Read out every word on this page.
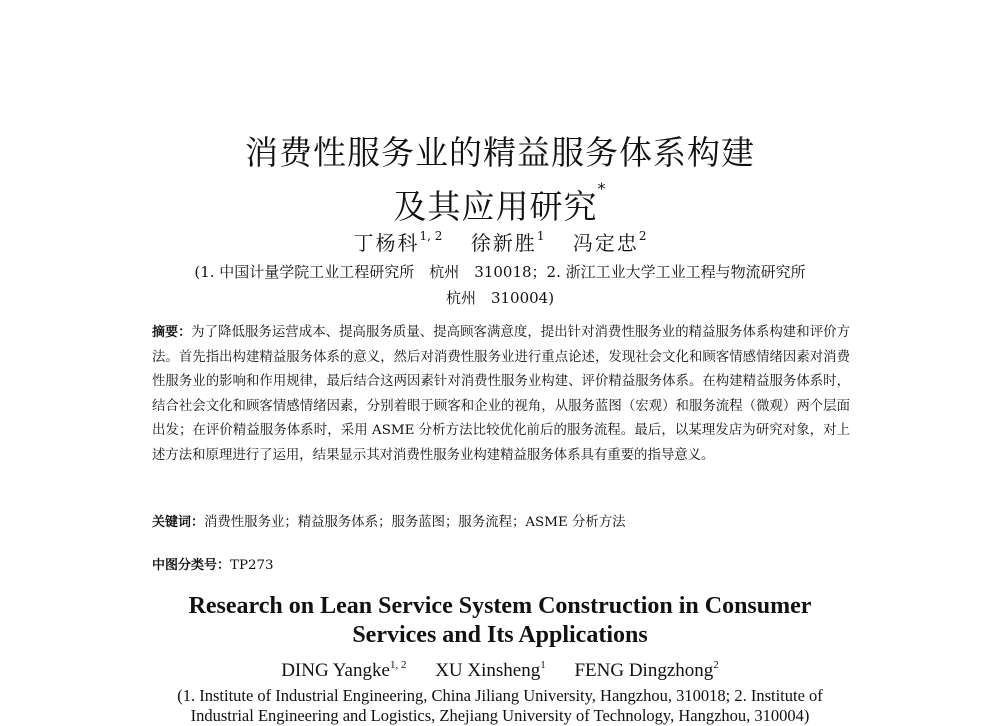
消费性服务业的精益服务体系构建
及其应用研究*
丁杨科$^{1, 2}$ 徐新胜$^1$ 冯定忠$^2$
(1. 中国计量学院工业工程研究所　杭州　310018；2. 浙江工业大学工业工程与物流研究所
杭州　310004)
摘要：为了降低服务运营成本、提高服务质量、提高顾客满意度，提出针对消费性服务业的精益服务体系构建和评价方法。首先指出构建精益服务体系的意义，然后对消费性服务业进行重点论述，发现社会文化和顾客情感情绪因素对消费性服务业的影响和作用规律，最后结合这两因素针对消费性服务业构建、评价精益服务体系。在构建精益服务体系时，结合社会文化和顾客情感情绪因素，分别着眼于顾客和企业的视角，从服务蓝图（宏观）和服务流程（微观）两个层面出发；在评价精益服务体系时，采用 ASME 分析方法比较优化前后的服务流程。最后，以某理发店为研究对象，对上述方法和原理进行了运用，结果显示其对消费性服务业构建精益服务体系具有重要的指导意义。
关键词：消费性服务业；精益服务体系；服务蓝图；服务流程；ASME 分析方法
中图分类号：TP273
Research on Lean Service System Construction in Consumer
Services and Its Applications
DING Yangke$^{1, 2}$ XU Xinsheng$^1$ FENG Dingzhong$^2$
(1. Institute of Industrial Engineering, China Jiliang University, Hangzhou, 310018; 2. Institute of
Industrial Engineering and Logistics, Zhejiang University of Technology, Hangzhou, 310004)
